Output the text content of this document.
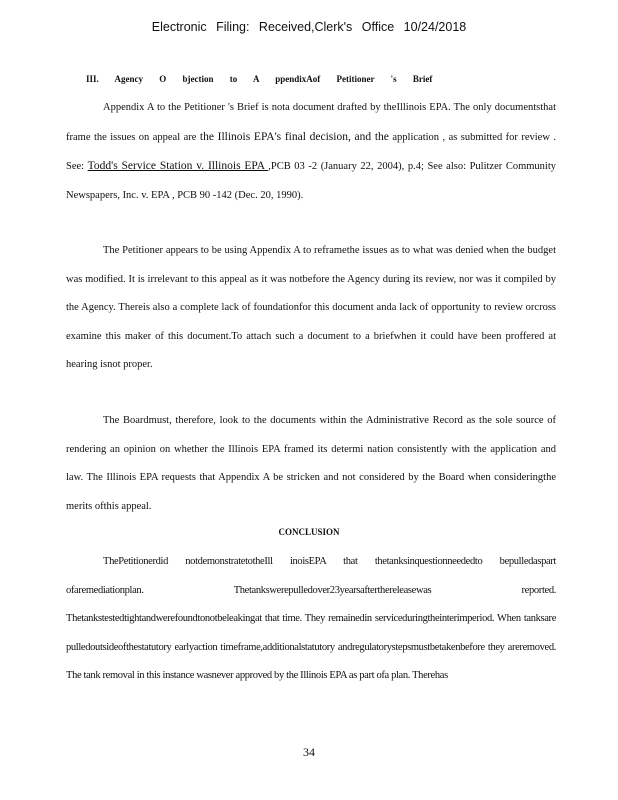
Electronic Filing: Received,Clerk's Office 10/24/2018
III. Agency O bjection to A ppendixAof Petitioner 's Brief

Appendix A to the Petitioner 's Brief is nota document drafted by theIllinois EPA. The only documentsthat frame the issues on appeal are the Illinois EPA's final decision, and the application , as submitted for review . See: Todd's Service Station v. Illinois EPA ,PCB 03 -2 (January 22, 2004), p.4; See also: Pulitzer Community Newspapers, Inc. v. EPA , PCB 90 -142 (Dec. 20, 1990).

The Petitioner appears to be using Appendix A to reframethe issues as to what was denied when the budget was modified. It is irrelevant to this appeal as it was notbefore the Agency during its review, nor was it compiled by the Agency. Thereis also a complete lack of foundationfor this document anda lack of opportunity to review orcross examine this maker of this document.To attach such a document to a briefwhen it could have been proffered at hearing isnot proper.

The Boardmust, therefore, look to the documents within the Administrative Record as the sole source of rendering an opinion on whether the Illinois EPA framed its determi nation consistently with the application and law. The Illinois EPA requests that Appendix A be stricken and not considered by the Board when consideringthe merits ofthis appeal.

CONCLUSION

ThePetitionerdid notdemonstratetotheIll inoisEPA that thetanksinquestionneededto bepulledaspart ofaremediationplan. Thetankswerepulledover23yearsafterthereleasewas reported. Thetankstestedtightandwerefoundtonotbeleakingat that time. They remainedin serviceduringtheinterimperiod. When tanksare pulledoutsideofthestatutory earlyaction timeframe,additionalstatutory andregulatorystepsmustbetakenbefore they areremoved. The tank removal in this instance wasnever approved by the Illinois EPA as part ofa plan. Therehas

34
